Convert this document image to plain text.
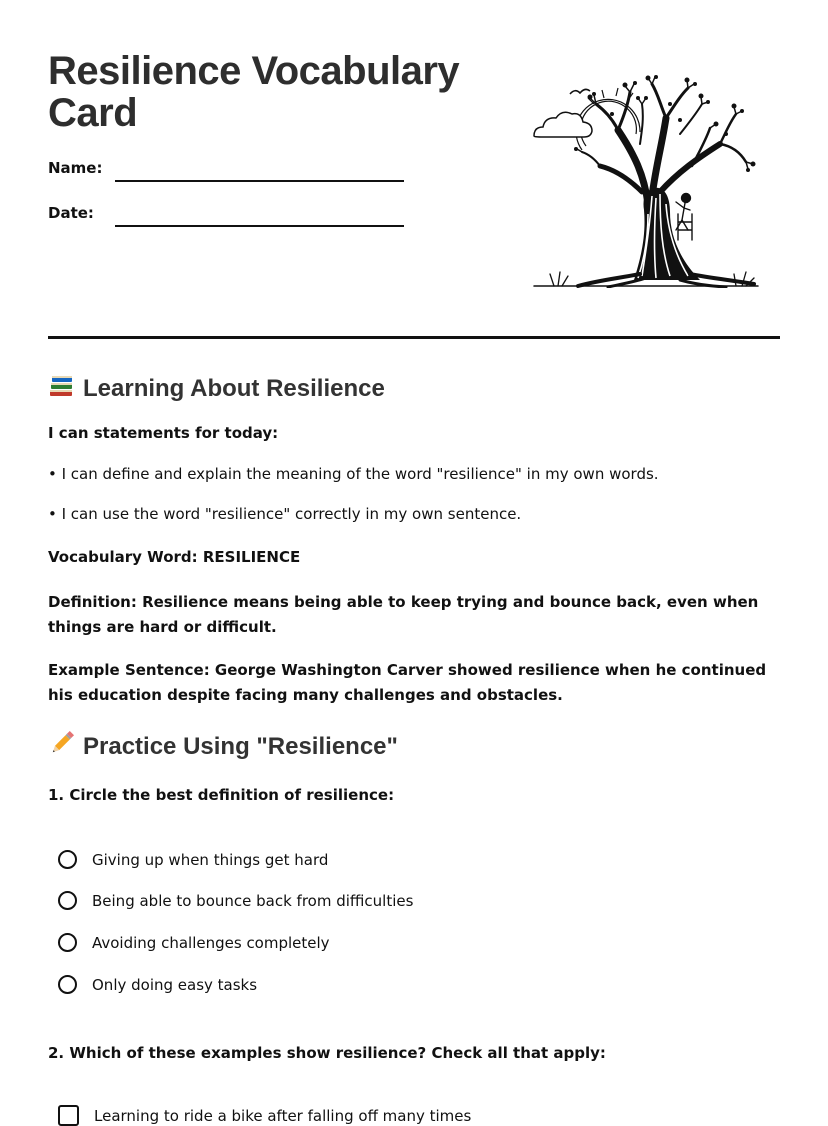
Resilience Vocabulary Card
Name:
Date:
Learning About Resilience
I can statements for today:
• I can define and explain the meaning of the word "resilience" in my own words.
• I can use the word "resilience" correctly in my own sentence.
Vocabulary Word: RESILIENCE
Definition: Resilience means being able to keep trying and bounce back, even when things are hard or difficult.
Example Sentence: George Washington Carver showed resilience when he continued his education despite facing many challenges and obstacles.
Practice Using "Resilience"
1. Circle the best definition of resilience:
Giving up when things get hard
Being able to bounce back from difficulties
Avoiding challenges completely
Only doing easy tasks
2. Which of these examples show resilience? Check all that apply:
Learning to ride a bike after falling off many times
